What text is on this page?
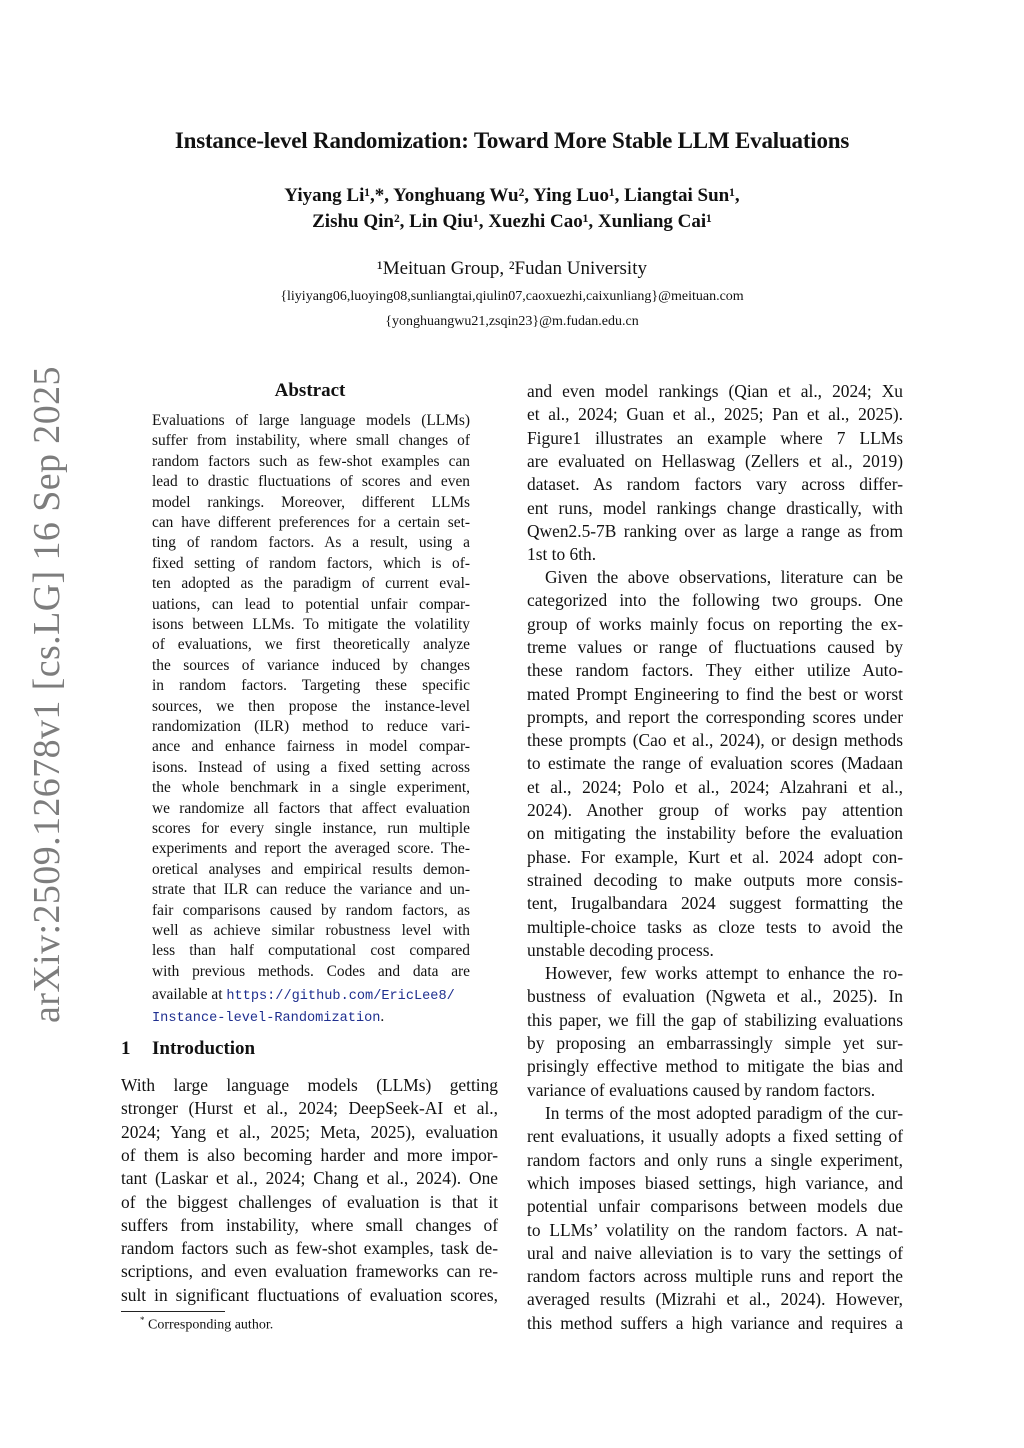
arXiv:2509.12678v1 [cs.LG] 16 Sep 2025
Instance-level Randomization: Toward More Stable LLM Evaluations
Yiyang Li¹,*, Yonghuang Wu², Ying Luo¹, Liangtai Sun¹,
Zishu Qin², Lin Qiu¹, Xuezhi Cao¹, Xunliang Cai¹
¹Meituan Group, ²Fudan University
{liyiyang06,luoying08,sunliangtai,qiulin07,caoxuezhi,caixunliang}@meituan.com
{yonghuangwu21,zsqin23}@m.fudan.edu.cn
Abstract
Evaluations of large language models (LLMs)
suffer from instability, where small changes of
random factors such as few-shot examples can
lead to drastic fluctuations of scores and even
model rankings. Moreover, different LLMs
can have different preferences for a certain set-
ting of random factors. As a result, using a
fixed setting of random factors, which is of-
ten adopted as the paradigm of current eval-
uations, can lead to potential unfair compar-
isons between LLMs. To mitigate the volatility
of evaluations, we first theoretically analyze
the sources of variance induced by changes
in random factors. Targeting these specific
sources, we then propose the instance-level
randomization (ILR) method to reduce vari-
ance and enhance fairness in model compar-
isons. Instead of using a fixed setting across
the whole benchmark in a single experiment,
we randomize all factors that affect evaluation
scores for every single instance, run multiple
experiments and report the averaged score. The-
oretical analyses and empirical results demon-
strate that ILR can reduce the variance and un-
fair comparisons caused by random factors, as
well as achieve similar robustness level with
less than half computational cost compared
with previous methods. Codes and data are
available at https://github.com/EricLee8/
Instance-level-Randomization.
1 Introduction
With large language models (LLMs) getting
stronger (Hurst et al., 2024; DeepSeek-AI et al.,
2024; Yang et al., 2025; Meta, 2025), evaluation
of them is also becoming harder and more impor-
tant (Laskar et al., 2024; Chang et al., 2024). One
of the biggest challenges of evaluation is that it
suffers from instability, where small changes of
random factors such as few-shot examples, task de-
scriptions, and even evaluation frameworks can re-
sult in significant fluctuations of evaluation scores,
* Corresponding author.
and even model rankings (Qian et al., 2024; Xu
et al., 2024; Guan et al., 2025; Pan et al., 2025).
Figure1 illustrates an example where 7 LLMs
are evaluated on Hellaswag (Zellers et al., 2019)
dataset. As random factors vary across differ-
ent runs, model rankings change drastically, with
Qwen2.5-7B ranking over as large a range as from
1st to 6th.
Given the above observations, literature can be
categorized into the following two groups. One
group of works mainly focus on reporting the ex-
treme values or range of fluctuations caused by
these random factors. They either utilize Auto-
mated Prompt Engineering to find the best or worst
prompts, and report the corresponding scores under
these prompts (Cao et al., 2024), or design methods
to estimate the range of evaluation scores (Madaan
et al., 2024; Polo et al., 2024; Alzahrani et al.,
2024). Another group of works pay attention
on mitigating the instability before the evaluation
phase. For example, Kurt et al. 2024 adopt con-
strained decoding to make outputs more consis-
tent, Irugalbandara 2024 suggest formatting the
multiple-choice tasks as cloze tests to avoid the
unstable decoding process.
However, few works attempt to enhance the ro-
bustness of evaluation (Ngweta et al., 2025). In
this paper, we fill the gap of stabilizing evaluations
by proposing an embarrassingly simple yet sur-
prisingly effective method to mitigate the bias and
variance of evaluations caused by random factors.
In terms of the most adopted paradigm of the cur-
rent evaluations, it usually adopts a fixed setting of
random factors and only runs a single experiment,
which imposes biased settings, high variance, and
potential unfair comparisons between models due
to LLMs’ volatility on the random factors. A nat-
ural and naive alleviation is to vary the settings of
random factors across multiple runs and report the
averaged results (Mizrahi et al., 2024). However,
this method suffers a high variance and requires a
